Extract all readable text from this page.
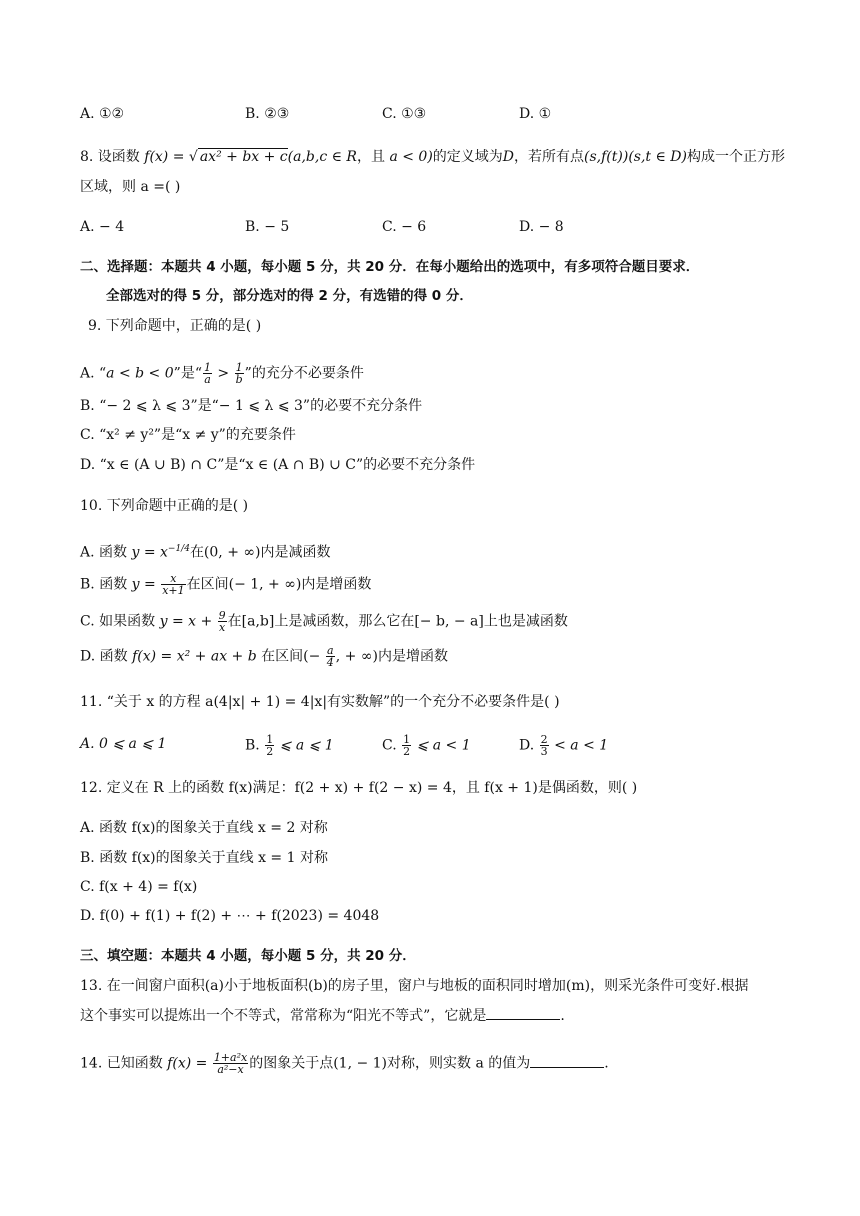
A. ①②	B. ②③	C. ①③	D. ①
8. 设函数 f(x) = √ ax² + bx + c(a,b,c ∈ R，且 a < 0)的定义域为D，若所有点(s,f(t))(s,t ∈ D)构成一个正方形
区域，则 a =( )
A. − 4	B. − 5	C. − 6	D. − 8
二、选择题：本题共 4 小题，每小题 5 分，共 20 分．在每小题给出的选项中，有多项符合题目要求．
全部选对的得 5 分，部分选对的得 2 分，有选错的得 0 分．
9. 下列命题中，正确的是( )
A. “a < b < 0”是“ $\frac{1}{a} > \frac{1}{b}$ ”的充分不必要条件
B. “− 2 ⩽ λ ⩽ 3”是“− 1 ⩽ λ ⩽ 3”的必要不充分条件
C. “x² ≠ y²”是“x ≠ y”的充要条件
D. “x ∈ (A ∪ B) ∩ C”是“x ∈ (A ∩ B) ∪ C”的必要不充分条件
10. 下列命题中正确的是( )
A. 函数 $y = x^{-1/4}$在(0, + ∞)内是减函数
B. 函数 $y = \frac{x}{x+1}$ 在区间(− 1, + ∞)内是增函数
C. 如果函数 $y = x + \frac{9}{x}$ 在[a,b]上是减函数，那么它在[− b, − a]上也是减函数
D. 函数 f(x) = x² + ax + b 在区间(− $\frac{a}{4}$ , + ∞)内是增函数
11. “关于 x 的方程 a(4|x| + 1) = 4|x|有实数解”的一个充分不必要条件是( )
A. 0 ⩽ a ⩽ 1	B. $\frac{1}{2}$ ⩽ a ⩽ 1	C. $\frac{1}{2}$ ⩽ a < 1	D. $\frac{2}{3} < a < 1$
12. 定义在 R 上的函数 f(x)满足：f(2 + x) + f(2 − x) = 4，且 f(x + 1)是偶函数，则( )
A. 函数 f(x)的图象关于直线 x = 2 对称
B. 函数 f(x)的图象关于直线 x = 1 对称
C. f(x + 4) = f(x)
D. f(0) + f(1) + f(2) + ⋯ + f(2023) = 4048
三、填空题：本题共 4 小题，每小题 5 分，共 20 分．
13. 在一间窗户面积(a)小于地板面积(b)的房子里，窗户与地板的面积同时增加(m)，则采光条件可变好.根据
这个事实可以提炼出一个不等式，常常称为“阳光不等式”，它就是	.
14. 已知函数 $f(x) = \frac{\text{1+a²x}}{\text{a²−x}}$ 的图象关于点(1, − 1)对称，则实数 a 的值为	.
